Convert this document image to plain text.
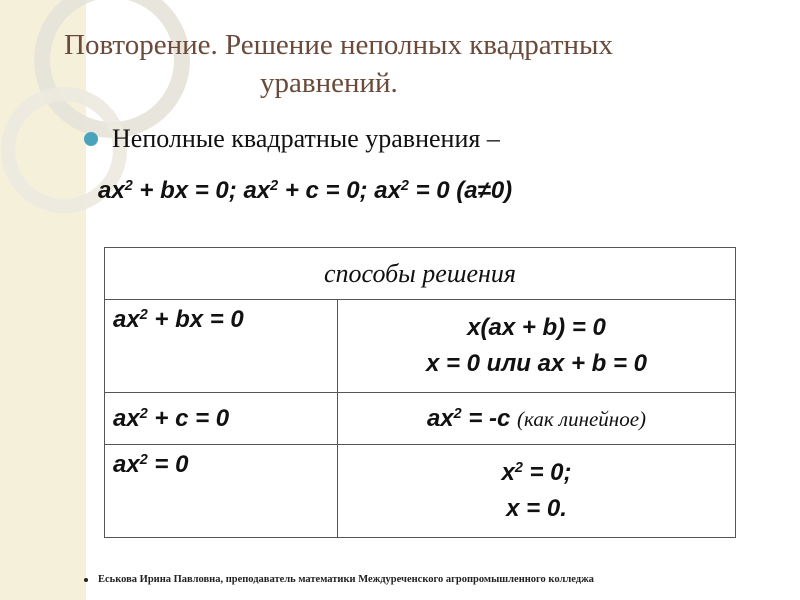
Повторение. Решение неполных квадратных
уравнений.
Неполные квадратные уравнения –
$ax^2$ + bx = 0; $ax^2 + c = 0$; $ax^2 = 0$ (a≠0)
способы решения	
$ax^2$ + bx = 0	x(ax + b) = 0
x = 0 или ax + b = 0

$ax^2 + c = 0$	$ax^2 = -c$ (как линейное)
$ax^2 = 0$	$x^2 = 0$;
x = 0.
Еськова Ирина Павловна, преподаватель математики Междуреченского агропромышленного колледжа
